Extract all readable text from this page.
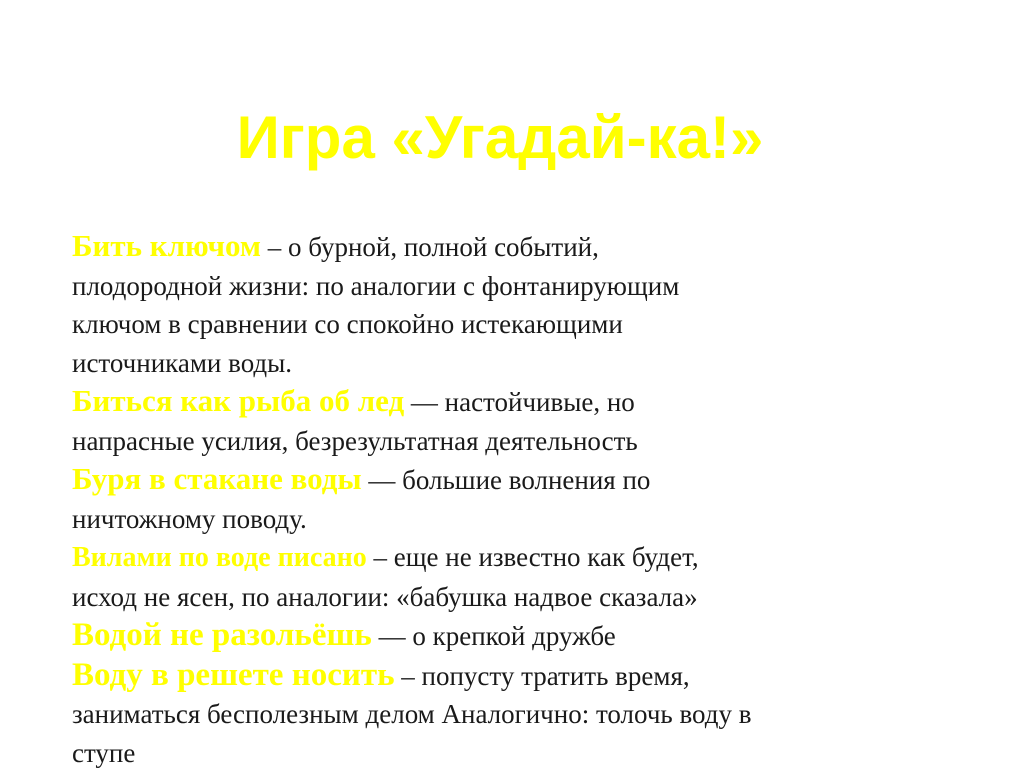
Игра «Угадай-ка!»
Бить ключом – о бурной, полной событий,
плодородной жизни: по аналогии с фонтанирующим
ключом в сравнении со спокойно истекающими
источниками воды.
Биться как рыба об лед — настойчивые, но
напрасные усилия, безрезультатная деятельность
Буря в стакане воды — большие волнения по
ничтожному поводу.
Вилами по воде писано – еще не известно как будет,
исход не ясен, по аналогии: «бабушка надвое сказала»
Водой не разольёшь — о крепкой дружбе
Воду в решете носить – попусту тратить время,
заниматься бесполезным делом Аналогично: толочь воду в
ступе
